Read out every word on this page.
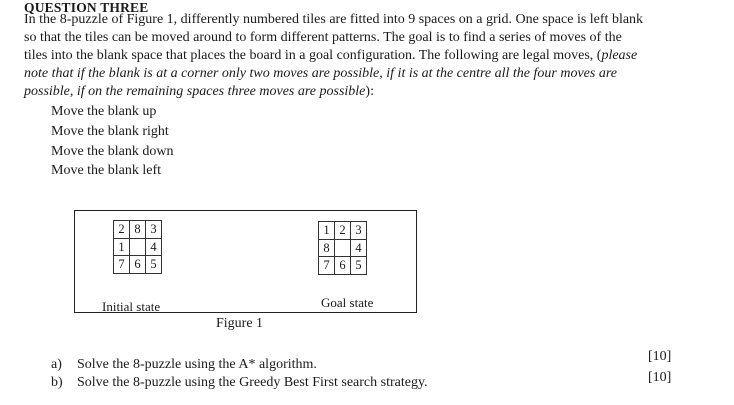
QUESTION THREE
In the 8-puzzle of Figure 1, differently numbered tiles are fitted into 9 spaces on a grid. One space is left blank
so that the tiles can be moved around to form different patterns. The goal is to find a series of moves of the
tiles into the blank space that places the board in a goal configuration. The following are legal moves, (please
note that if the blank is at a corner only two moves are possible, if it is at the centre all the four moves are
possible, if on the remaining spaces three moves are possible):
Move the blank up
Move the blank right
Move the blank down
Move the blank left
2	8	3
1		4
7	6	5
1	2	3
8		4
7	6	5
Initial state	Goal state
Figure 1
a) Solve the 8-puzzle using the A* algorithm.
b) Solve the 8-puzzle using the Greedy Best First search strategy.
[10]
[10]
